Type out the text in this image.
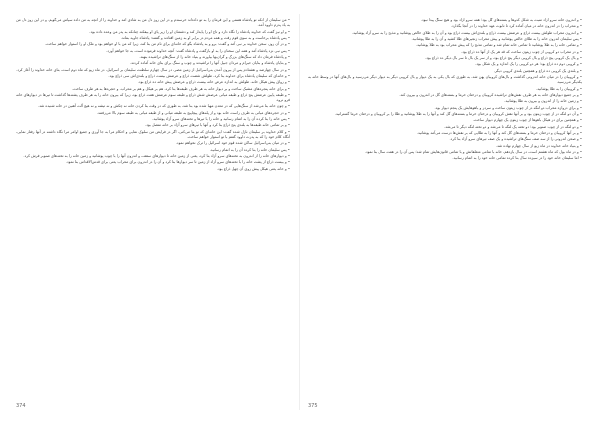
• من سلیمان از آنکه تو پادشاه هستی و این فرمان را به تو داده‌اند خرسندم و در این روز دل من به شادی آمد و خداوند را از آنچه به من داده سپاس می‌گویم. و در این روز دل من به یاد پدرم داوود آمد.

• و او نیز گفت که خداوند پادشاه را نگاه دارد و تاج او را پایدار کند و دشمنان او را زیر پای او بیفکند چنانکه به پدر من وعده داده بود.

• پس پادشاه برخاست و به سوی قوم رفت و همه مردم در برابر او به زمین افتادند و گفتند: پادشاه جاوید بماند.

• و در آن روز، سخن خداوند بر نبی آمد و گفت: برو و به پادشاه بگو که خانه‌ای برای نام من بنا کند، زیرا که من با او خواهم بود و ملک او را استوار خواهم ساخت.

• پس نبی نزد پادشاه آمد و همه این سخنان را به او بازگفت و پادشاه گفت: آنچه خداوند فرموده است، به جا خواهم آورد.

• و پادشاه فرمان داد که سنگ‌های بزرگ و گران‌بها بیاورند و بنیاد خانه را از سنگ‌های تراشیده بنهند.

• و بنایان پادشاه و بنایان حیرام و مردان جبیل آنها را تراشیدند و چوب و سنگ برای بنای خانه آماده کردند.

• و در سال چهارصد و هشتادم پس از بیرون آمدن بنی‌اسرائیل از زمین مصر، در سال چهارم سلطنت سلیمان بر اسرائیل، در ماه زیو که ماه دوم است، بنای خانه خداوند را آغاز کرد.

• و خانه‌ای که سلیمان پادشاه برای خداوند بنا کرد، طولش شصت ذراع و عرضش بیست ذراع و بلندی‌اش سی ذراع بود.

• و رواق پیش هیکل خانه، طولش به اندازه عرض خانه بیست ذراع و عرضش پیش خانه ده ذراع بود.

• و برای خانه پنجره‌های مشبک ساخت و بر دیوار خانه به هر طرف طبقه‌ها بنا کرد، هم بر هیکل و هم بر محراب، و حجره‌ها به هر طرف ساخت.

• و طبقه پایین عرضش پنج ذراع و طبقه میانی عرضش شش ذراع و طبقه سوم عرضش هفت ذراع بود، زیرا که بیرون خانه را به هر طرف پشته‌ها گذاشت تا تیرها در دیوارهای خانه فرو نرود.

• و چون خانه بنا می‌شد از سنگ‌هایی که در معدن مهیا شده بود بنا شد، به طوری که در وقت بنا کردن خانه نه چکش و نه تیشه و نه هیچ آلت آهنین در خانه شنیده شد.

• و در حجره‌های میانی به طرف راست خانه بود و از پله‌های پیچاپیچ به طبقه میانی و از طبقه میانی به طبقه سوم بالا می‌رفتند.

• پس خانه را بنا کرده آن را به اتمام رسانید و خانه را با تیرها و تخته‌های سرو آزاد پوشانید.

• و بر تمامی خانه طبقه‌ها به بلندی پنج ذراع بنا کرد و آنها با تیرهای سرو آزاد بر خانه متصل بود.

• و کلام خداوند بر سلیمان نازل شده گفت: این خانه‌ای که تو بنا می‌کنی، اگر در فرایض من سلوک نمایی و احکام مرا به جا آوری و جمیع اوامر مرا نگاه داشته در آنها رفتار نمایی، آنگاه کلام خود را که به پدرت داوود گفتم با تو استوار خواهم ساخت.

• و در میان بنی‌اسرائیل ساکن شده قوم خود اسرائیل را ترک نخواهم نمود.

• پس سلیمان خانه را بنا کرده آن را به اتمام رسانید.

• و دیوارهای خانه را از اندرون به تخته‌های سرو آزاد بنا کرد، یعنی از زمین خانه تا دیوارهای سقف، و اندرون آنها را با چوب پوشانید و زمین خانه را به تخته‌های صنوبر فرش کرد.

• و بیست ذراع از پشت خانه را با تخته‌های سرو آزاد از زمین تا سر دیوارها بنا کرد و آن را در اندرون برای محراب یعنی برای قدس‌الاقداس بنا نمود.

• و خانه یعنی هیکل پیش روی آن چهل ذراع بود.

374

• و اندرون خانه سرو آزاد منبت به شکل کدوها و بسته‌های گل بود؛ همه سرو آزاد بود و هیچ سنگ پیدا نبود.

• و محراب را در اندرون خانه در میان آماده کرد تا تابوت عهد خداوند را در آنجا بگذارد.

• و اندرون محراب طولش بیست ذراع و عرضش بیست ذراع و بلندی‌اش بیست ذراع بود و آن را به طلای خالص پوشانید و مذبح را به سرو آزاد پوشانید.

• پس سلیمان اندرون خانه را به طلای خالص پوشانید و پیش محراب زنجیرهای طلا کشید و آن را به طلا پوشانید.

• و تمامی خانه را به طلا پوشانید تا تمامی خانه تمام شد و تمامی مذبح را که پیش محراب بود به طلا پوشانید.

• و در محراب دو کروبی از چوب زیتون ساخت که قد هر یک از آنها ده ذراع بود.

• و بال یک کروبی پنج ذراع و بال کروبی دیگر پنج ذراع بود، و از سر یک بال تا سر بال دیگر ده ذراع بود.

• و کروبی دوم ده ذراع بود؛ هر دو کروبی را یک اندازه و یک شکل بود.

• و بلندی یک کروبی ده ذراع و همچنین بلندی کروبی دیگر.

• و کروبیان را در میان خانه اندرونی گذاشت و بال‌های کروبیان پهن شد، به طوری که بال یکی به یک دیوار و بال کروبی دیگر به دیوار دیگر می‌رسید و بال‌های آنها در وسط خانه به یکدیگر می‌رسید.

• و کروبیان را به طلا پوشانید.

• و بر جمیع دیوارهای خانه به هر طرف نقش‌های تراشیده کروبیان و درختان خرما و بسته‌های گل در اندرون و بیرون کند.

• و زمین خانه را از اندرون و بیرون به طلا پوشانید.

• و برای دروازه محراب دو لنگه در از چوب زیتون ساخت و سردر و باهوهایش یک پنجم دیوار بود.

• و آن دو لنگه در از چوب زیتون بود و بر آنها نقش کروبیان و درختان خرما و بسته‌های گل کند و آنها را به طلا پوشانید و طلا را بر کروبیان و درختان خرما گسترانید.

• و همچنین برای در هیکل باهوها از چوب زیتون یک چهارم دیوار ساخت.

• و دو لنگه در از چوب صنوبر بود؛ دو تخته یک لنگه تا می‌شد و دو تخته لنگه دیگر تا می‌شد.

• و بر آنها کروبیان و درختان خرما و بسته‌های گل کند و آنها را به طلایی که بر نقش‌ها درست می‌آمد پوشانید.

• و صحن اندرونی را از سه صف سنگ‌های تراشیده و یک صف تیرهای سرو آزاد بنا کرد.

• و بنیاد خانه خداوند در ماه زیو از سال چهارم نهاده شد.

• و در ماه بول که ماه هشتم است، در سال یازدهم، خانه با تمامی متعلقاتش و با تمامی قانون‌هایش تمام شد؛ پس آن را در هفت سال بنا نمود.

• اما سلیمان خانه خود را در سیزده سال بنا کرده تمامی خانه خود را به اتمام رسانید.

375
